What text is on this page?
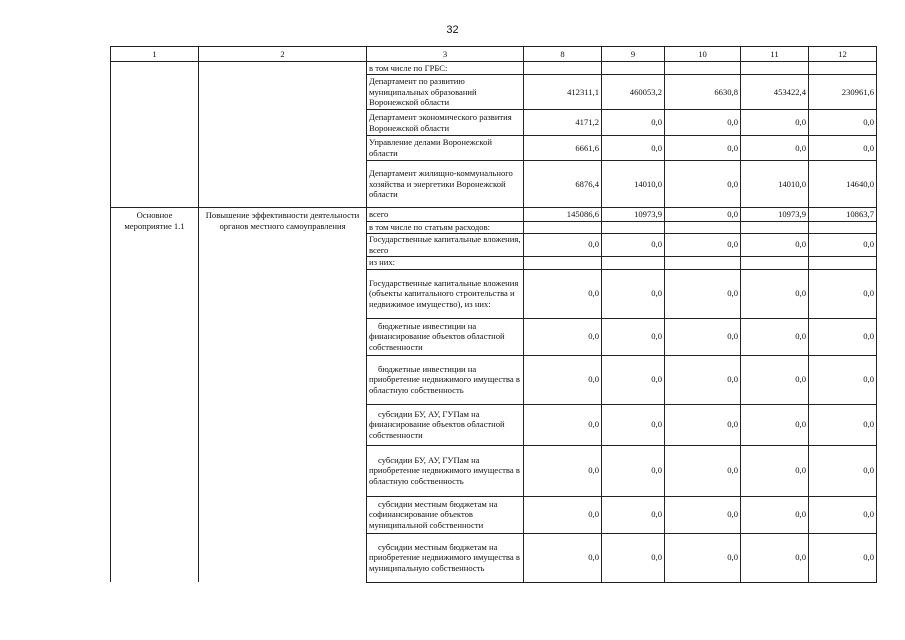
32
1	2	3	8	9	10	11	12
		в том числе по ГРБС:					
		Департамент по развитию муниципальных образований Воронежской области	412311,1	460053,2	6630,8	453422,4	230961,6
		Департамент экономического развития Воронежской области	4171,2	0,0	0,0	0,0	0,0
		Управление делами Воронежской области	6661,6	0,0	0,0	0,0	0,0
		Департамент жилищно-коммунального хозяйства и энергетики Воронежской области	6876,4	14010,0	0,0	14010,0	14640,0
Основное мероприятие 1.1	Повышение эффективности деятельности органов местного самоуправления	всего	145086,6	10973,9	0,0	10973,9	10863,7
		в том числе по статьям расходов:					
		Государственные капитальные вложения, всего	0,0	0,0	0,0	0,0	0,0
		из них:					
		Государственные капитальные вложения (объекты капитального строительства и недвижимое имущество), из них:	0,0	0,0	0,0	0,0	0,0
		бюджетные инвестиции на финансирование объектов областной собственности	0,0	0,0	0,0	0,0	0,0
		бюджетные инвестиции на приобретение недвижимого имущества в областную собственность	0,0	0,0	0,0	0,0	0,0
		субсидии БУ, АУ, ГУПам на финансирование объектов областной собственности	0,0	0,0	0,0	0,0	0,0
		субсидии БУ, АУ, ГУПам на приобретение недвижимого имущества в областную собственность	0,0	0,0	0,0	0,0	0,0
		субсидии местным бюджетам на софинансирование объектов муниципальной собственности	0,0	0,0	0,0	0,0	0,0
		субсидии местным бюджетам на приобретение недвижимого имущества в муниципальную собственность	0,0	0,0	0,0	0,0	0,0
